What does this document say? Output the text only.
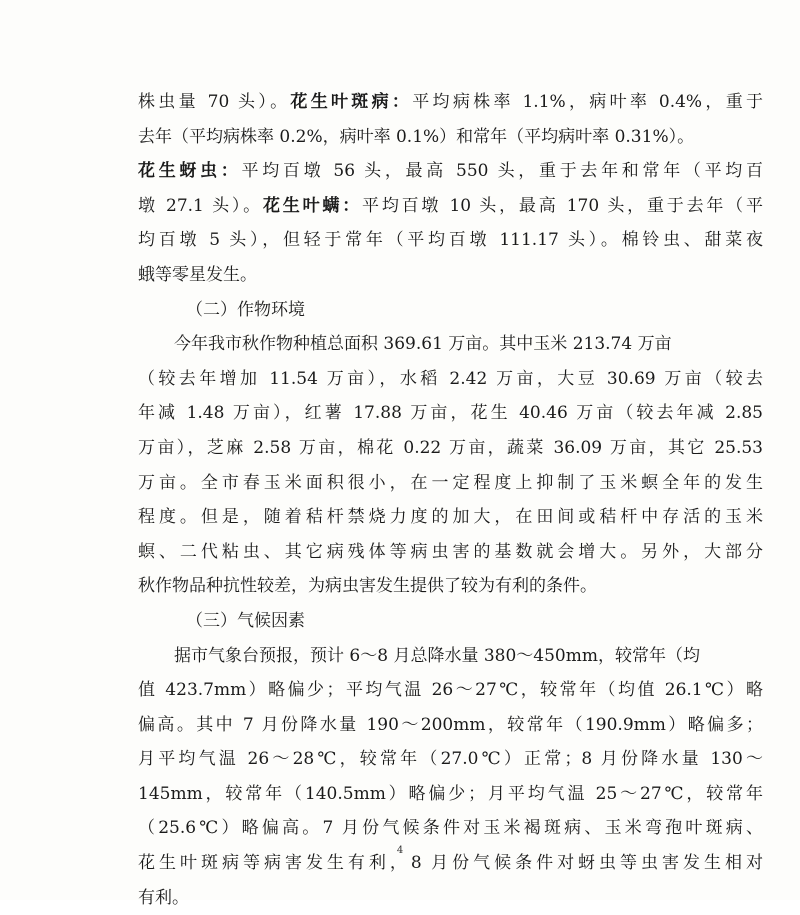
株虫量 70 头）。花生叶斑病：平均病株率 1.1%，病叶率 0.4%，重于
去年（平均病株率 0.2%，病叶率 0.1%）和常年（平均病叶率 0.31%）。
花生蚜虫：平均百墩 56 头，最高 550 头，重于去年和常年（平均百
墩 27.1 头）。花生叶螨：平均百墩 10 头，最高 170 头，重于去年（平
均百墩 5 头），但轻于常年（平均百墩 111.17 头）。棉铃虫、甜菜夜
蛾等零星发生。
（二）作物环境
今年我市秋作物种植总面积 369.61 万亩。其中玉米 213.74 万亩
（较去年增加 11.54 万亩），水稻 2.42 万亩，大豆 30.69 万亩（较去
年减 1.48 万亩），红薯 17.88 万亩，花生 40.46 万亩（较去年减 2.85
万亩），芝麻 2.58 万亩，棉花 0.22 万亩，蔬菜 36.09 万亩，其它 25.53
万亩。全市春玉米面积很小，在一定程度上抑制了玉米螟全年的发生
程度。但是，随着秸杆禁烧力度的加大，在田间或秸杆中存活的玉米
螟、二代粘虫、其它病残体等病虫害的基数就会增大。另外，大部分
秋作物品种抗性较差，为病虫害发生提供了较为有利的条件。
（三）气候因素
据市气象台预报，预计 6～8 月总降水量 380～450mm，较常年（均
值 423.7mm）略偏少；平均气温 26～27℃，较常年（均值 26.1℃）略
偏高。其中 7 月份降水量 190～200mm，较常年（190.9mm）略偏多；
月平均气温 26～28℃，较常年（27.0℃）正常；8 月份降水量 130～
145mm，较常年（140.5mm）略偏少；月平均气温 25～27℃，较常年
（25.6℃）略偏高。7 月份气候条件对玉米褐斑病、玉米弯孢叶斑病、
花生叶斑病等病害发生有利，8 月份气候条件对蚜虫等虫害发生相对
有利。
4
